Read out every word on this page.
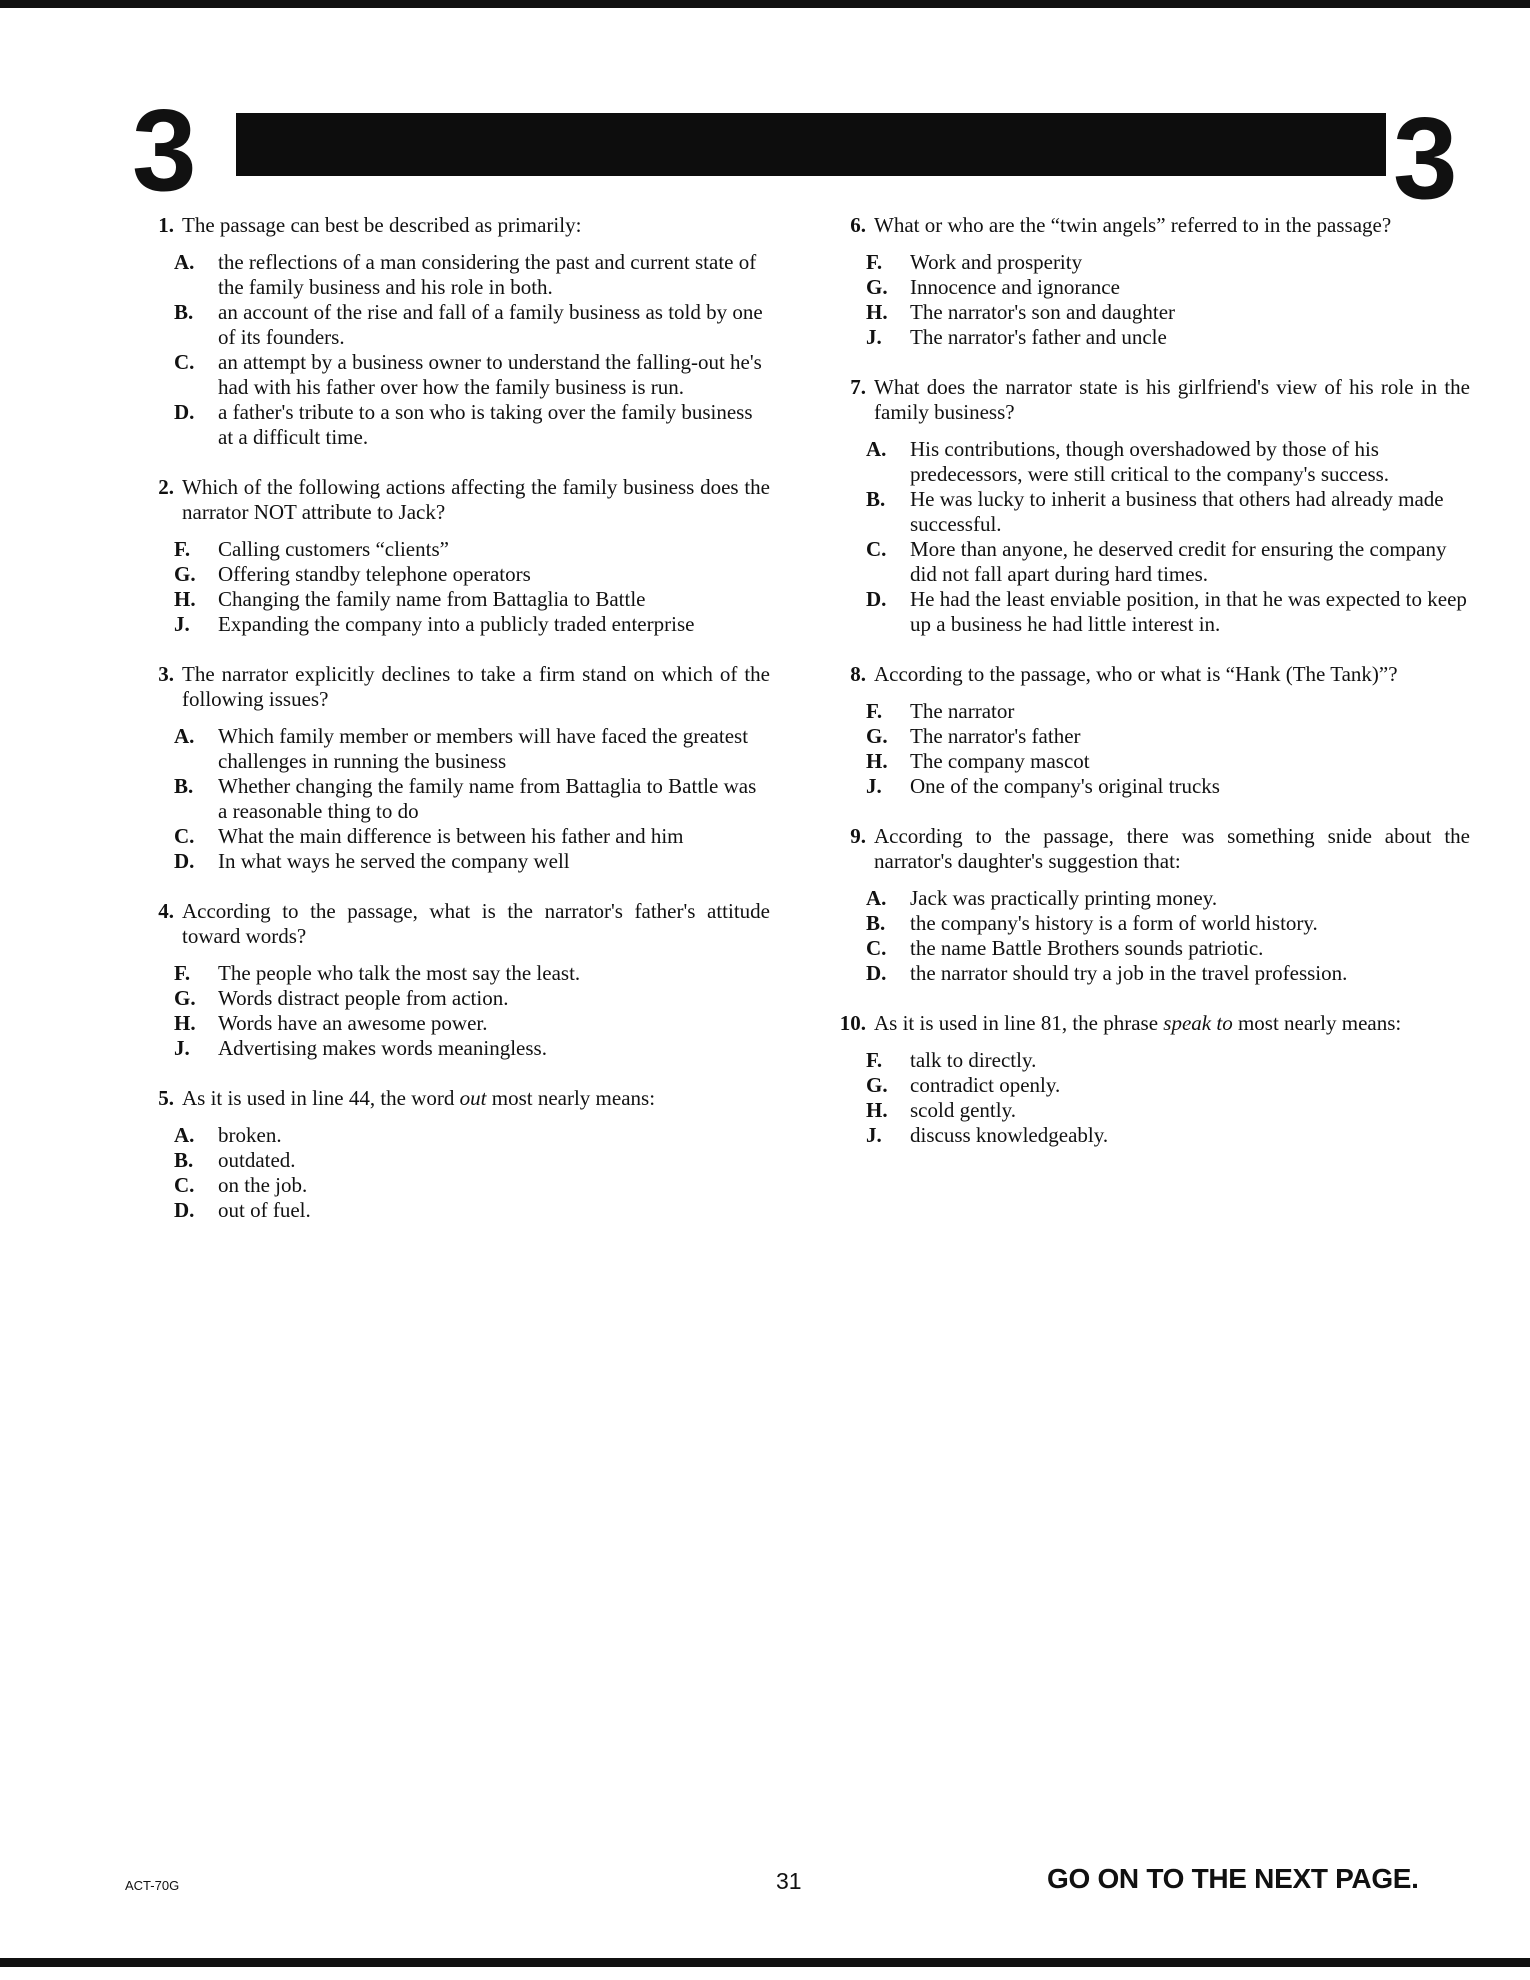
3	3
1. The passage can best be described as primarily:
A.	the reflections of a man considering the past and current state of the family business and his role in both.
B.	an account of the rise and fall of a family business as told by one of its founders.
C.	an attempt by a business owner to understand the falling-out he's had with his father over how the family business is run.
D.	a father's tribute to a son who is taking over the family business at a difficult time.
2. Which of the following actions affecting the family business does the narrator NOT attribute to Jack?
F.	Calling customers “clients”
G.	Offering standby telephone operators
H.	Changing the family name from Battaglia to Battle
J.	Expanding the company into a publicly traded enterprise
3. The narrator explicitly declines to take a firm stand on which of the following issues?
A.	Which family member or members will have faced the greatest challenges in running the business
B.	Whether changing the family name from Battaglia to Battle was a reasonable thing to do
C.	What the main difference is between his father and him
D.	In what ways he served the company well
4. According to the passage, what is the narrator's father's attitude toward words?
F.	The people who talk the most say the least.
G.	Words distract people from action.
H.	Words have an awesome power.
J.	Advertising makes words meaningless.
5. As it is used in line 44, the word out most nearly means:
A.	broken.
B.	outdated.
C.	on the job.
D.	out of fuel.
6. What or who are the “twin angels” referred to in the passage?
F.	Work and prosperity
G.	Innocence and ignorance
H.	The narrator's son and daughter
J.	The narrator's father and uncle
7. What does the narrator state is his girlfriend's view of his role in the family business?
A.	His contributions, though overshadowed by those of his predecessors, were still critical to the company's success.
B.	He was lucky to inherit a business that others had already made successful.
C.	More than anyone, he deserved credit for ensuring the company did not fall apart during hard times.
D.	He had the least enviable position, in that he was expected to keep up a business he had little interest in.
8. According to the passage, who or what is “Hank (The Tank)”?
F.	The narrator
G.	The narrator's father
H.	The company mascot
J.	One of the company's original trucks
9. According to the passage, there was something snide about the narrator's daughter's suggestion that:
A.	Jack was practically printing money.
B.	the company's history is a form of world history.
C.	the name Battle Brothers sounds patriotic.
D.	the narrator should try a job in the travel profession.
10. As it is used in line 81, the phrase speak to most nearly means:
F.	talk to directly.
G.	contradict openly.
H.	scold gently.
J.	discuss knowledgeably.
ACT-70G	31	GO ON TO THE NEXT PAGE.
